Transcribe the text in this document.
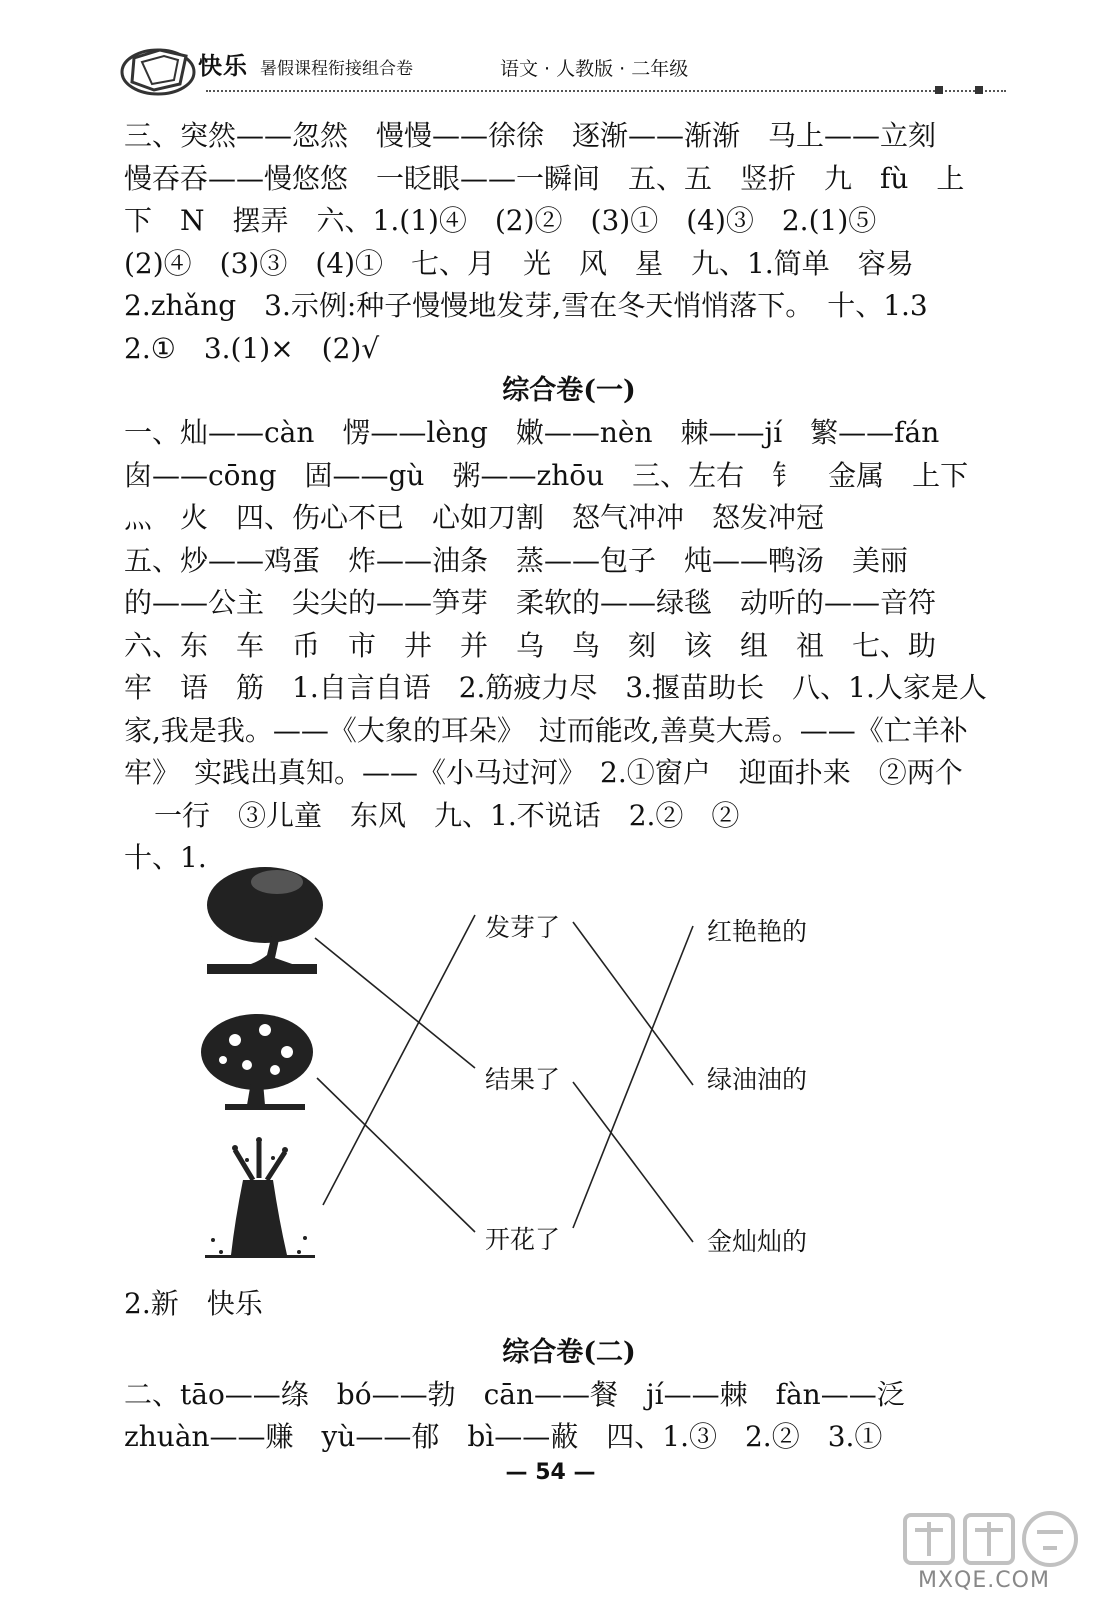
快乐 暑假课程衔接组合卷	语文 · 人教版 · 二年级
三、突然——忽然　慢慢——徐徐　逐渐——渐渐　马上——立刻
慢吞吞——慢悠悠　一眨眼——一瞬间　五、五　竖折　九　fù　上
下　N　摆弄　六、1.(1)④　(2)②　(3)①　(4)③　2.(1)⑤
(2)④　(3)③　(4)①　七、月　光　风　星　九、1.简单　容易
2.zhǎng　3.示例:种子慢慢地发芽,雪在冬天悄悄落下。　十、1.3
2.①　3.(1)×　(2)√
综合卷(一)
一、灿——càn　愣——lèng　嫩——nèn　棘——jí　繁——fán
囱——cōng　固——gù　粥——zhōu　三、左右　钅　金属　上下
灬　火　四、伤心不已　心如刀割　怒气冲冲　怒发冲冠
五、炒——鸡蛋　炸——油条　蒸——包子　炖——鸭汤　美丽
的——公主　尖尖的——笋芽　柔软的——绿毯　动听的——音符
六、东　车　币　市　井　并　乌　鸟　刻　该　组　祖　七、助
牢　语　筋　1.自言自语　2.筋疲力尽　3.揠苗助长　八、1.人家是人
家,我是我。——《大象的耳朵》　过而能改,善莫大焉。——《亡羊补
牢》　实践出真知。——《小马过河》　2.①窗户　迎面扑来　②两个
一行　③儿童　东风　九、1.不说话　2.②　②
十、1.
发芽了
结果了
开花了
红艳艳的
绿油油的
金灿灿的
2.新　快乐
综合卷(二)
二、tāo——绦　bó——勃　cān——餐　jí——棘　fàn——泛
zhuàn——赚　yù——郁　bì——蔽　四、1.③　2.②　3.①
— 54 —
MXQE.COM
